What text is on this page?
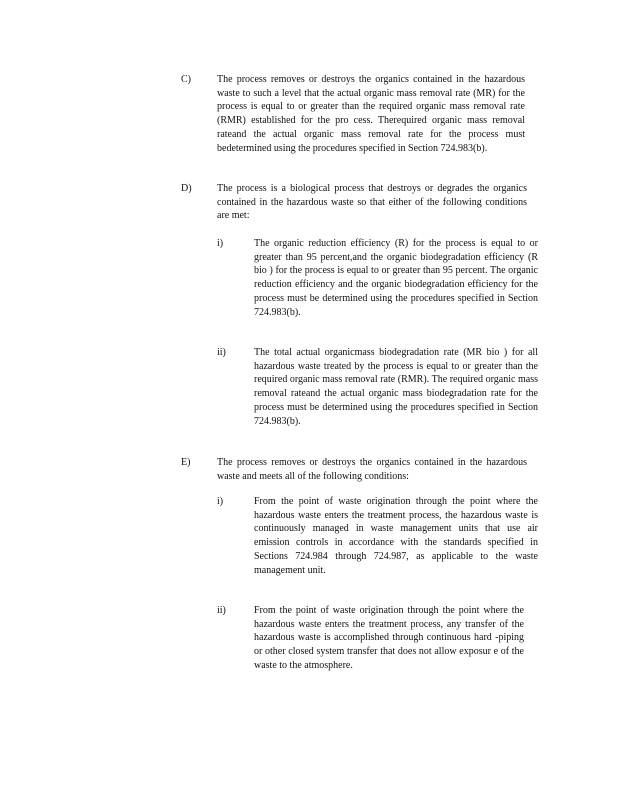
C)	The process removes or destroys the organics contained in the hazardous waste to such a level that the actual organic mass removal rate (MR) for the process is equal to or greater than the required organic mass removal rate (RMR) established for the pro cess. Therequired organic mass removal rateand the actual organic mass removal rate for the process must bedetermined using the procedures specified in Section 724.983(b).
D)	The process is a biological process that destroys or degrades the organics contained in the hazardous waste so that either of the following conditions are met:
i)	The organic reduction efficiency (R) for the process is equal to or greater than 95 percent,and the organic biodegradation efficiency (R bio ) for the process is equal to or greater than 95 percent. The organic reduction efficiency and the organic biodegradation efficiency for the process must be determined using the procedures specified in Section 724.983(b).
ii)	The total actual organicmass biodegradation rate (MR bio ) for all hazardous waste treated by the process is equal to or greater than the required organic mass removal rate (RMR). The required organic mass removal rateand the actual organic mass biodegradation rate for the process must be determined using the procedures specified in Section 724.983(b).
E)	The process removes or destroys the organics contained in the hazardous waste and meets all of the following conditions:
i)	From the point of waste origination through the point where the hazardous waste enters the treatment process, the hazardous waste is continuously managed in waste management units that use air emission controls in accordance with the standards specified in Sections 724.984 through 724.987, as applicable to the waste management unit.
ii)	From the point of waste origination through the point where the hazardous waste enters the treatment process, any transfer of the hazardous waste is accomplished through continuous hard -piping or other closed system transfer that does not allow exposur e of the waste to the atmosphere.
